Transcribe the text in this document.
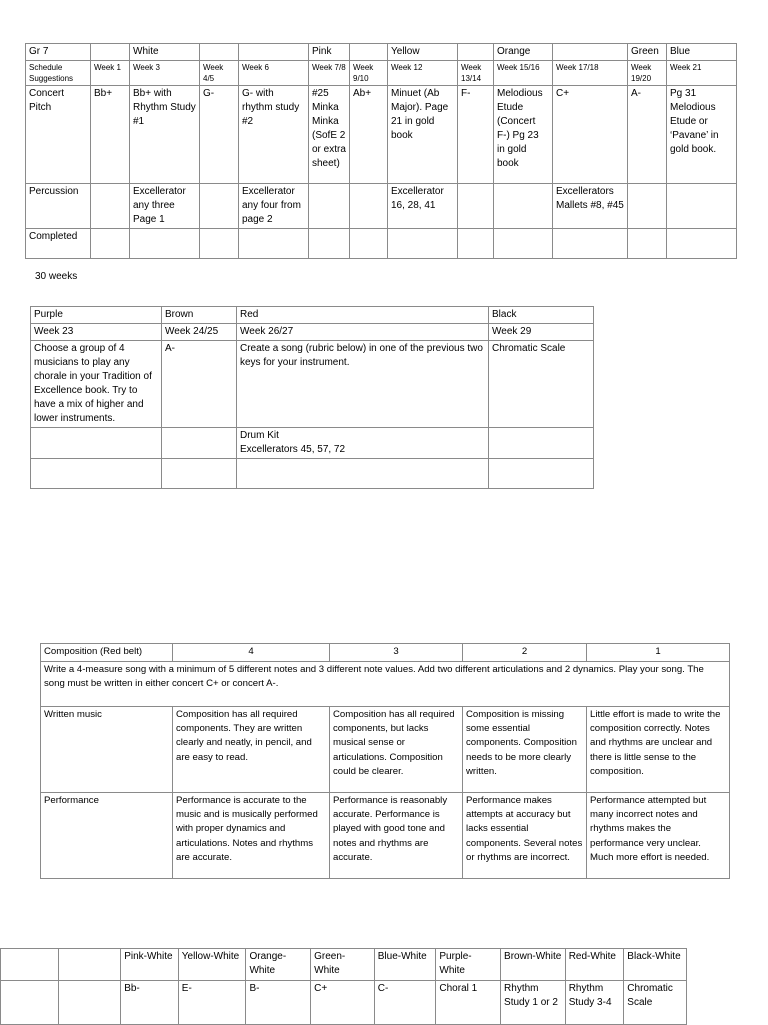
Gr 7		White			Pink		Yellow		Orange		Green	Blue
Schedule Suggestions	Week 1	Week 3	Week 4/5	Week 6	Week 7/8	Week 9/10	Week 12	Week 13/14	Week 15/16	Week 17/18	Week 19/20	Week 21
Concert Pitch	Bb+	Bb+ with Rhythm Study #1	G-	G- with rhythm study #2	#25 Minka Minka (SofE 2 or extra sheet)	Ab+	Minuet (Ab Major). Page 21 in gold book	F-	Melodious Etude (Concert F-) Pg 23 in gold book	C+	A-	Pg 31 Melodious Etude or ‘Pavane’ in gold book.
Percussion		Excellerator any three Page 1		Excellerator any four from page 2			Excellerator 16, 28, 41			Excellerators Mallets #8, #45		
Completed												
30 weeks
Purple	Brown	Red	Black
Week 23	Week 24/25	Week 26/27	Week 29
Choose a group of 4 musicians to play any chorale in your Tradition of Excellence book. Try to have a mix of higher and lower instruments.	A-	Create a song (rubric below) in one of the previous two keys for your instrument.	Chromatic Scale
		Drum Kit
Excellerators 45, 57, 72	

Composition (Red belt)	4	3	2	1
Write a 4-measure song with a minimum of 5 different notes and 3 different note values. Add two different articulations and 2 dynamics. Play your song. The song must be written in either concert C+ or concert A-.				
Written music	Composition has all required components. They are written clearly and neatly, in pencil, and are easy to read.	Composition has all required components, but lacks musical sense or articulations. Composition could be clearer.	Composition is missing some essential components. Composition needs to be more clearly written.	Little effort is made to write the composition correctly. Notes and rhythms are unclear and there is little sense to the composition.
Performance	Performance is accurate to the music and is musically performed with proper dynamics and articulations. Notes and rhythms are accurate.	Performance is reasonably accurate. Performance is played with good tone and notes and rhythms are accurate.	Performance makes attempts at accuracy but lacks essential components. Several notes or rhythms are incorrect.	Performance attempted but many incorrect notes and rhythms makes the performance very unclear. Much more effort is needed.
		Pink-White	Yellow-White	Orange-White	Green-White	Blue-White	Purple-White	Brown-White	Red-White	Black-White
		Bb-	E-	B-	C+	C-	Choral 1	Rhythm Study 1 or 2	Rhythm Study 3-4	Chromatic Scale
